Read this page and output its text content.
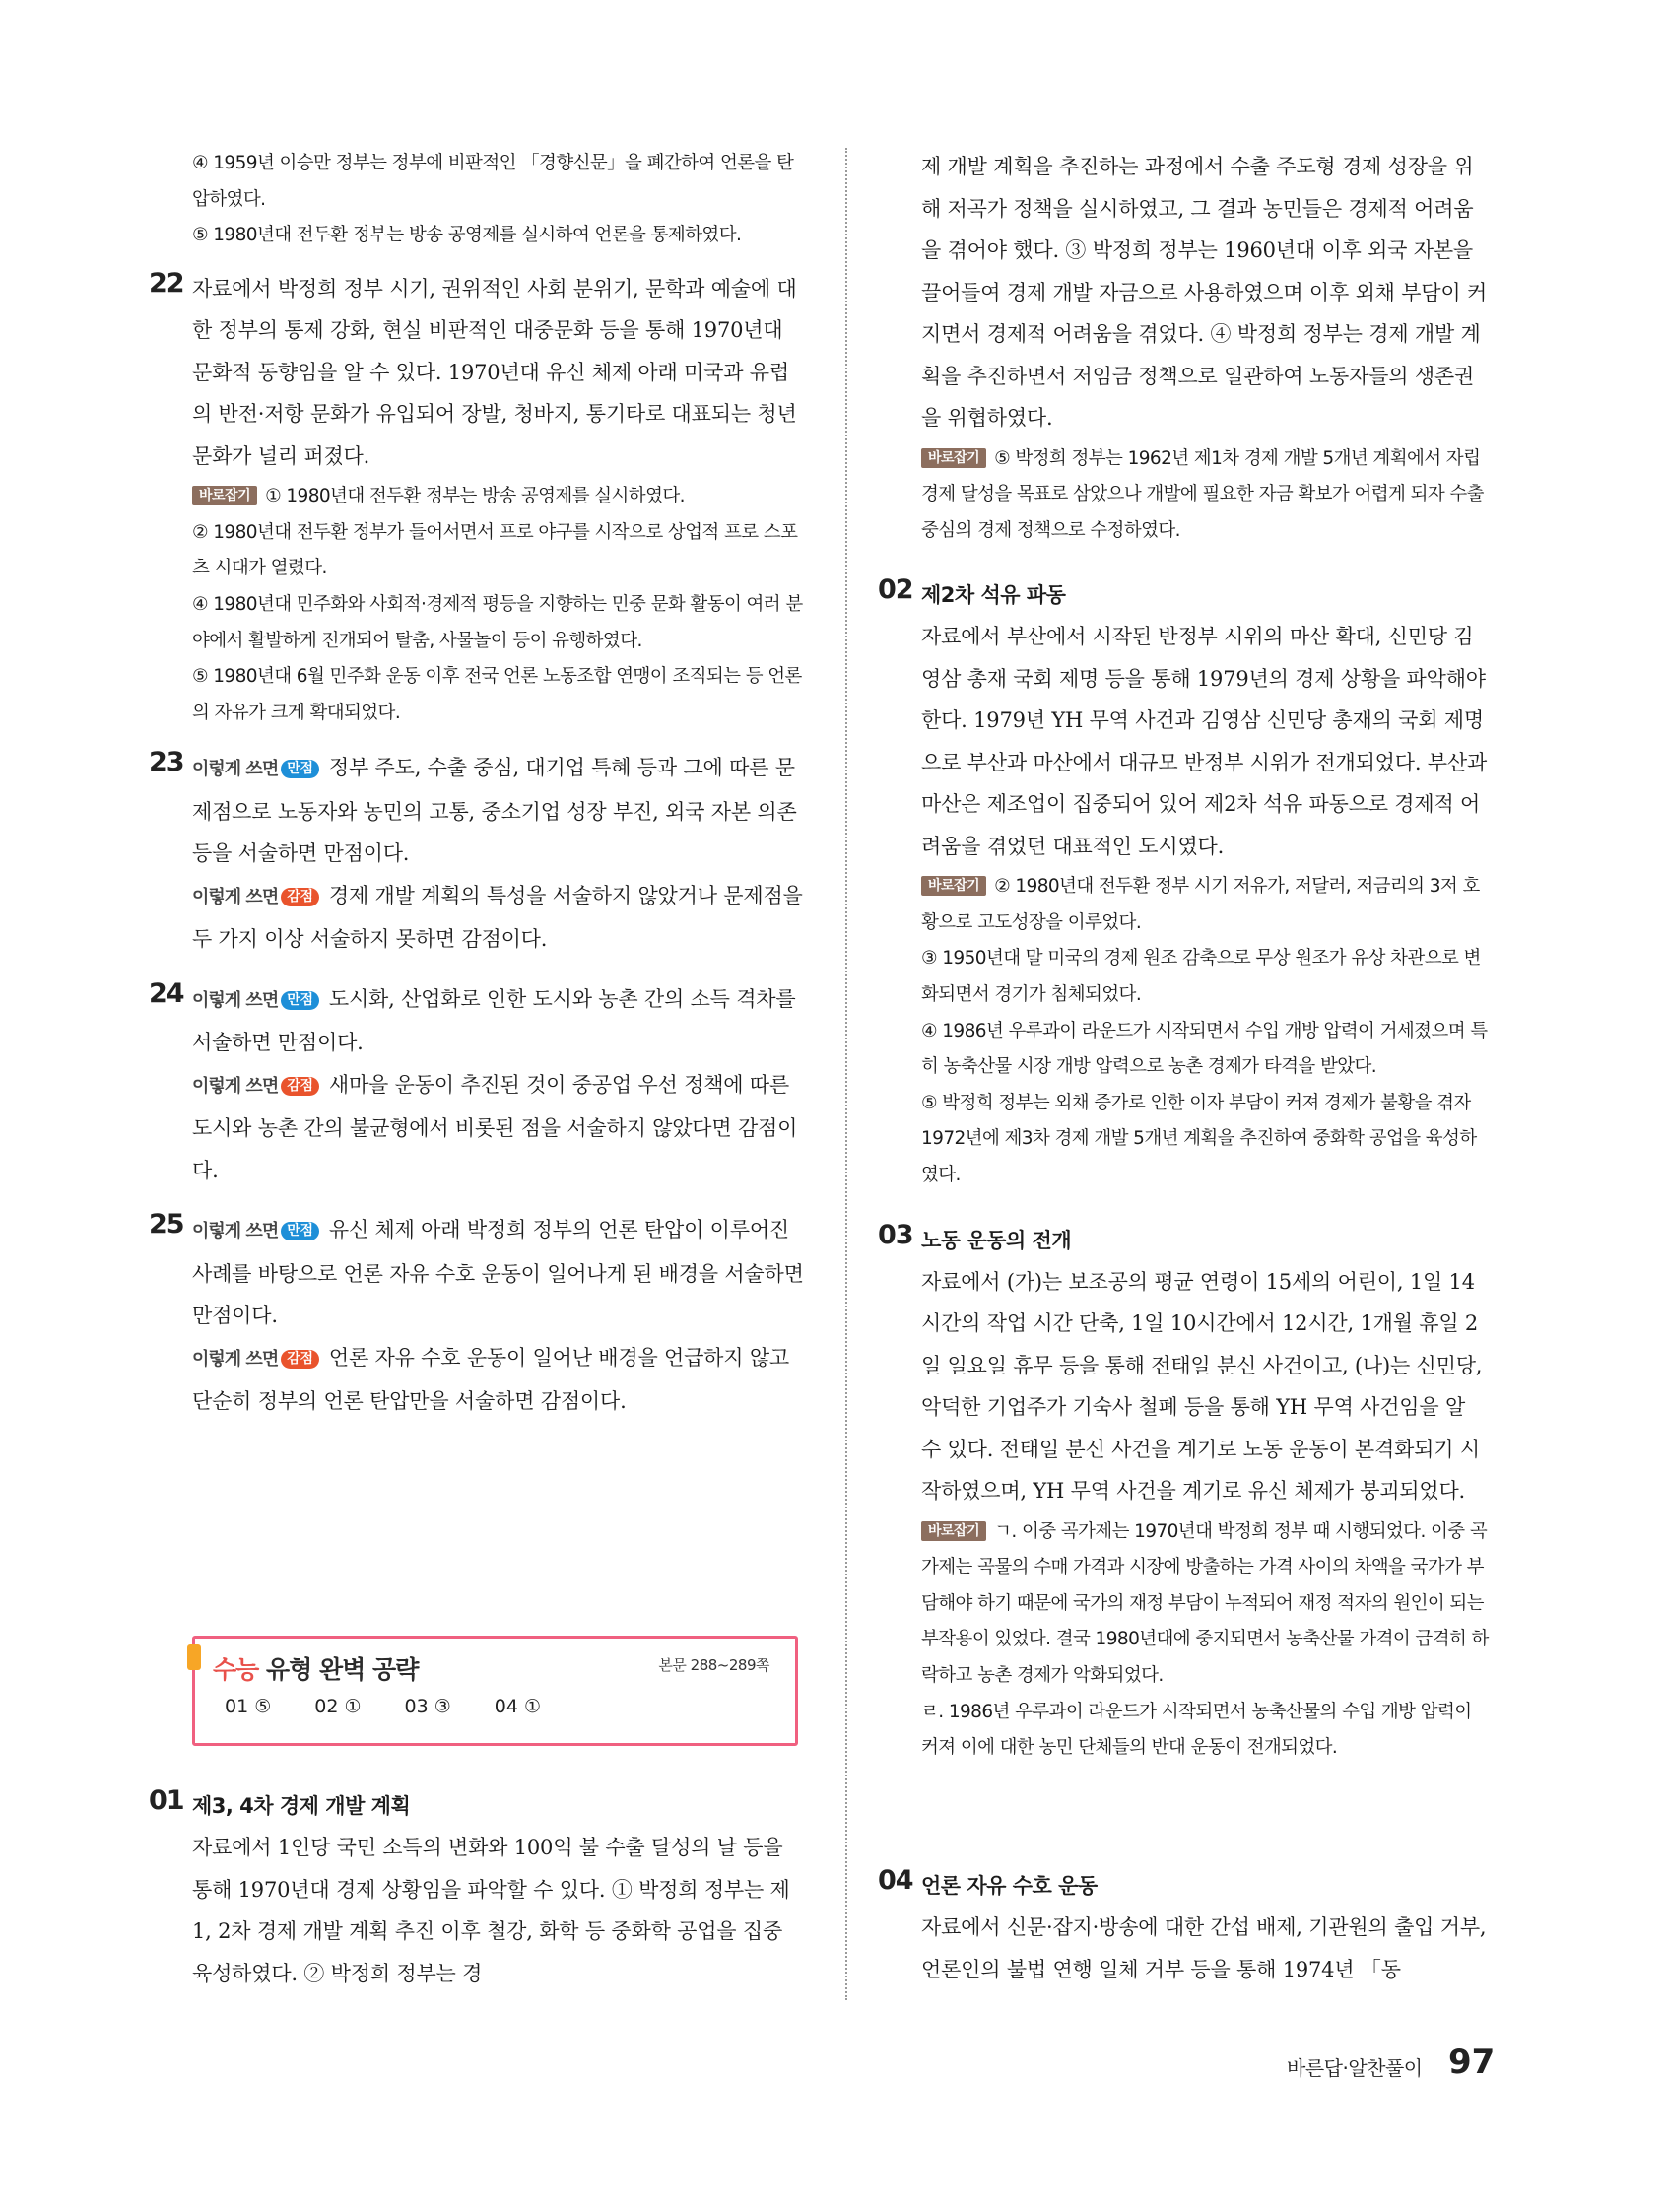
④ 1959년 이승만 정부는 정부에 비판적인 「경향신문」을 폐간하여 언론을 탄압하였다.
⑤ 1980년대 전두환 정부는 방송 공영제를 실시하여 언론을 통제하였다.
22 자료에서 박정희 정부 시기, 권위적인 사회 분위기, 문학과 예술에 대한 정부의 통제 강화, 현실 비판적인 대중문화 등을 통해 1970년대 문화적 동향임을 알 수 있다. 1970년대 유신 체제 아래 미국과 유럽의 반전·저항 문화가 유입되어 장발, 청바지, 통기타로 대표되는 청년 문화가 널리 퍼졌다.
바로잡기 ① 1980년대 전두환 정부는 방송 공영제를 실시하였다.
② 1980년대 전두환 정부가 들어서면서 프로 야구를 시작으로 상업적 프로 스포츠 시대가 열렸다.
④ 1980년대 민주화와 사회적·경제적 평등을 지향하는 민중 문화 활동이 여러 분야에서 활발하게 전개되어 탈춤, 사물놀이 등이 유행하였다.
⑤ 1980년대 6월 민주화 운동 이후 전국 언론 노동조합 연맹이 조직되는 등 언론의 자유가 크게 확대되었다.
23 이렇게 쓰면 만점 정부 주도, 수출 중심, 대기업 특혜 등과 그에 따른 문제점으로 노동자와 농민의 고통, 중소기업 성장 부진, 외국 자본 의존 등을 서술하면 만점이다.
이렇게 쓰면 감점 경제 개발 계획의 특성을 서술하지 않았거나 문제점을 두 가지 이상 서술하지 못하면 감점이다.
24 이렇게 쓰면 만점 도시화, 산업화로 인한 도시와 농촌 간의 소득 격차를 서술하면 만점이다.
이렇게 쓰면 감점 새마을 운동이 추진된 것이 중공업 우선 정책에 따른 도시와 농촌 간의 불균형에서 비롯된 점을 서술하지 않았다면 감점이다.
25 이렇게 쓰면 만점 유신 체제 아래 박정희 정부의 언론 탄압이 이루어진 사례를 바탕으로 언론 자유 수호 운동이 일어나게 된 배경을 서술하면 만점이다.
이렇게 쓰면 감점 언론 자유 수호 운동이 일어난 배경을 언급하지 않고 단순히 정부의 언론 탄압만을 서술하면 감점이다.
수능 유형 완벽 공략	본문 288~289쪽
01 ⑤ 02 ① 03 ③ 04 ①
01 제3, 4차 경제 개발 계획
자료에서 1인당 국민 소득의 변화와 100억 불 수출 달성의 날 등을 통해 1970년대 경제 상황임을 파악할 수 있다. ① 박정희 정부는 제1, 2차 경제 개발 계획 추진 이후 철강, 화학 등 중화학 공업을 집중 육성하였다. ② 박정희 정부는 경
제 개발 계획을 추진하는 과정에서 수출 주도형 경제 성장을 위해 저곡가 정책을 실시하였고, 그 결과 농민들은 경제적 어려움을 겪어야 했다. ③ 박정희 정부는 1960년대 이후 외국 자본을 끌어들여 경제 개발 자금으로 사용하였으며 이후 외채 부담이 커지면서 경제적 어려움을 겪었다. ④ 박정희 정부는 경제 개발 계획을 추진하면서 저임금 정책으로 일관하여 노동자들의 생존권을 위협하였다.
바로잡기 ⑤ 박정희 정부는 1962년 제1차 경제 개발 5개년 계획에서 자립 경제 달성을 목표로 삼았으나 개발에 필요한 자금 확보가 어렵게 되자 수출 중심의 경제 정책으로 수정하였다.
02 제2차 석유 파동
자료에서 부산에서 시작된 반정부 시위의 마산 확대, 신민당 김영삼 총재 국회 제명 등을 통해 1979년의 경제 상황을 파악해야 한다. 1979년 YH 무역 사건과 김영삼 신민당 총재의 국회 제명으로 부산과 마산에서 대규모 반정부 시위가 전개되었다. 부산과 마산은 제조업이 집중되어 있어 제2차 석유 파동으로 경제적 어려움을 겪었던 대표적인 도시였다.
바로잡기 ② 1980년대 전두환 정부 시기 저유가, 저달러, 저금리의 3저 호황으로 고도성장을 이루었다.
③ 1950년대 말 미국의 경제 원조 감축으로 무상 원조가 유상 차관으로 변화되면서 경기가 침체되었다.
④ 1986년 우루과이 라운드가 시작되면서 수입 개방 압력이 거세졌으며 특히 농축산물 시장 개방 압력으로 농촌 경제가 타격을 받았다.
⑤ 박정희 정부는 외채 증가로 인한 이자 부담이 커져 경제가 불황을 겪자 1972년에 제3차 경제 개발 5개년 계획을 추진하여 중화학 공업을 육성하였다.
03 노동 운동의 전개
자료에서 (가)는 보조공의 평균 연령이 15세의 어린이, 1일 14시간의 작업 시간 단축, 1일 10시간에서 12시간, 1개월 휴일 2일 일요일 휴무 등을 통해 전태일 분신 사건이고, (나)는 신민당, 악덕한 기업주가 기숙사 철폐 등을 통해 YH 무역 사건임을 알 수 있다. 전태일 분신 사건을 계기로 노동 운동이 본격화되기 시작하였으며, YH 무역 사건을 계기로 유신 체제가 붕괴되었다.
바로잡기 ㄱ. 이중 곡가제는 1970년대 박정희 정부 때 시행되었다. 이중 곡가제는 곡물의 수매 가격과 시장에 방출하는 가격 사이의 차액을 국가가 부담해야 하기 때문에 국가의 재정 부담이 누적되어 재정 적자의 원인이 되는 부작용이 있었다. 결국 1980년대에 중지되면서 농축산물 가격이 급격히 하락하고 농촌 경제가 악화되었다.
ㄹ. 1986년 우루과이 라운드가 시작되면서 농축산물의 수입 개방 압력이 커져 이에 대한 농민 단체들의 반대 운동이 전개되었다.
04 언론 자유 수호 운동
자료에서 신문·잡지·방송에 대한 간섭 배제, 기관원의 출입 거부, 언론인의 불법 연행 일체 거부 등을 통해 1974년 「동
바른답·알찬풀이 97
